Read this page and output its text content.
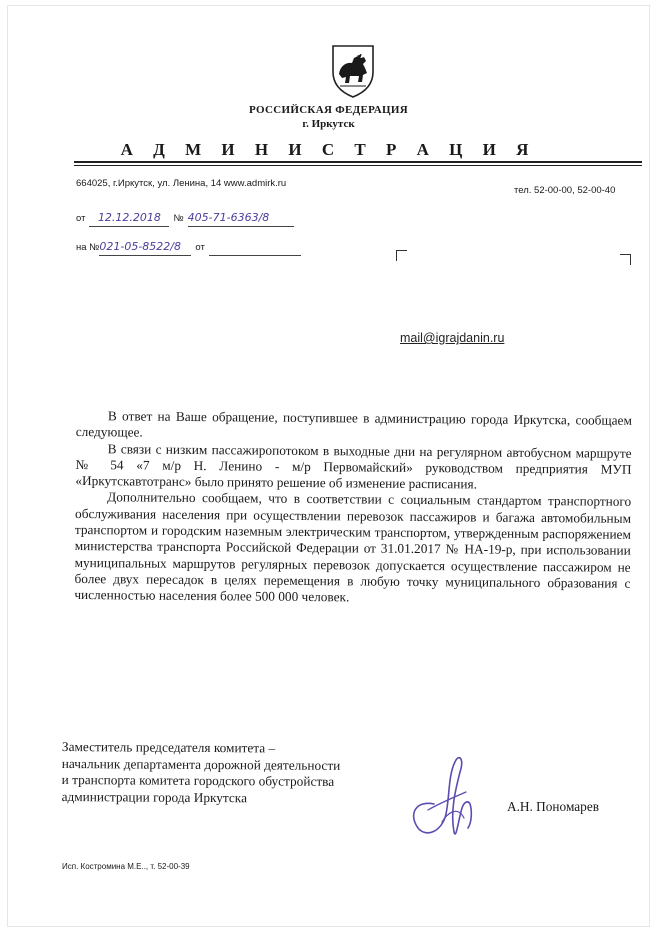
РОССИЙСКАЯ ФЕДЕРАЦИЯ
г. Иркутск
А Д М И Н И С Т Р А Ц И Я
664025, г.Иркутск, ул. Ленина, 14 www.admirk.ru
тел. 52-00-00, 52-00-40
от 12.12.2018 № 405-71-6363/8
на №021-05-8522/8 от
mail@igrajdanin.ru

В ответ на Ваше обращение, поступившее в администрацию города Иркутска, сообщаем следующее.

В связи с низким пассажиропотоком в выходные дни на регулярном автобусном маршруте № 54 «7 м/р Н. Ленино - м/р Первомайский» руководством предприятия МУП «Иркутскавтотранс» было принято решение об изменение расписания.

Дополнительно сообщаем, что в соответствии с социальным стандартом транспортного обслуживания населения при осуществлении перевозок пассажиров и багажа автомобильным транспортом и городским наземным электрическим транспортом, утвержденным распоряжением министерства транспорта Российской Федерации от 31.01.2017 № НА-19-р, при использовании муниципальных маршрутов регулярных перевозок допускается осуществление пассажиром не более двух пересадок в целях перемещения в любую точку муниципального образования с численностью населения более 500 000 человек.

Заместитель председателя комитета –
начальник департамента дорожной деятельности
и транспорта комитета городского обустройства
администрации города Иркутска
А.Н. Пономарев
Исп. Костромина М.Е.., т. 52-00-39
